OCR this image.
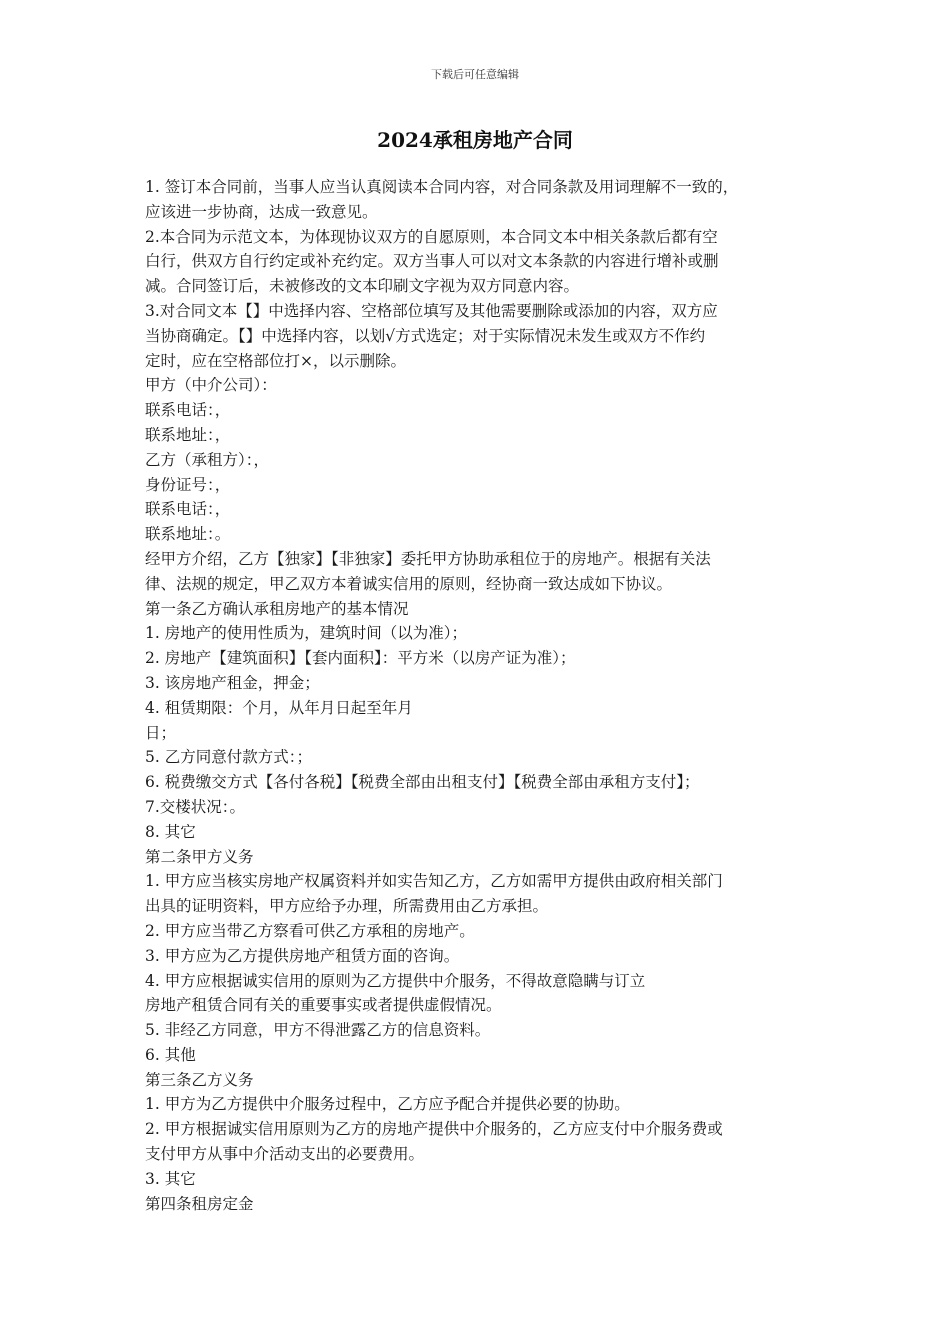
下载后可任意编辑
2024承租房地产合同
1. 签订本合同前，当事人应当认真阅读本合同内容，对合同条款及用词理解不一致的，
应该进一步协商，达成一致意见。
2.本合同为示范文本，为体现协议双方的自愿原则，本合同文本中相关条款后都有空
白行，供双方自行约定或补充约定。双方当事人可以对文本条款的内容进行增补或删
减。合同签订后，未被修改的文本印刷文字视为双方同意内容。
3.对合同文本【】中选择内容、空格部位填写及其他需要删除或添加的内容，双方应
当协商确定。【】中选择内容，以划√方式选定；对于实际情况未发生或双方不作约
定时，应在空格部位打×，以示删除。
甲方（中介公司）：
联系电话：，
联系地址：，
乙方（承租方）：，
身份证号：，
联系电话：，
联系地址：。
经甲方介绍，乙方【独家】【非独家】委托甲方协助承租位于的房地产。根据有关法
律、法规的规定，甲乙双方本着诚实信用的原则，经协商一致达成如下协议。
第一条乙方确认承租房地产的基本情况
1. 房地产的使用性质为，建筑时间（以为准）；
2. 房地产【建筑面积】【套内面积】：平方米（以房产证为准）；
3. 该房地产租金，押金；
4. 租赁期限：个月，从年月日起至年月
日；
5. 乙方同意付款方式：；
6. 税费缴交方式【各付各税】【税费全部由出租支付】【税费全部由承租方支付】；
7.交楼状况：。
8. 其它
第二条甲方义务
1. 甲方应当核实房地产权属资料并如实告知乙方，乙方如需甲方提供由政府相关部门
出具的证明资料，甲方应给予办理，所需费用由乙方承担。
2. 甲方应当带乙方察看可供乙方承租的房地产。
3. 甲方应为乙方提供房地产租赁方面的咨询。
4. 甲方应根据诚实信用的原则为乙方提供中介服务，不得故意隐瞒与订立
房地产租赁合同有关的重要事实或者提供虚假情况。
5. 非经乙方同意，甲方不得泄露乙方的信息资料。
6. 其他
第三条乙方义务
1. 甲方为乙方提供中介服务过程中，乙方应予配合并提供必要的协助。
2. 甲方根据诚实信用原则为乙方的房地产提供中介服务的，乙方应支付中介服务费或
支付甲方从事中介活动支出的必要费用。
3. 其它
第四条租房定金
